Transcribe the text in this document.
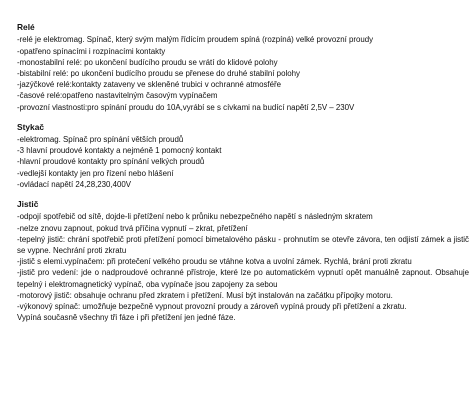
Relé
-relé je elektromag. Spínač, který svým malým řídícím proudem spíná (rozpíná) velké provozní proudy
-opatřeno spínacími i rozpínacími kontakty
-monostabilní relé: po ukončení budícího proudu se vrátí do klidové polohy
-bistabilní relé: po ukončení budícího proudu se přenese do druhé stabilní polohy
-jazýčkové relé:kontakty zataveny ve skleněné trubici v ochranné atmosféře
-časové relé:opatřeno nastavitelným časovým vypínačem
-provozní vlastnosti:pro spínání proudu do 10A,vyrábí se s cívkami na budící napětí 2,5V – 230V
Stykač
-elektromag. Spínač pro spínání větších proudů
-3 hlavní proudové kontakty a nejméně 1 pomocný kontakt
-hlavní proudové kontakty pro spínání velkých proudů
-vedlejší kontakty jen pro řízení nebo hlášení
-ovládací napětí 24,28,230,400V
Jistič
-odpojí spotřebič od sítě, dojde-li přetížení nebo k průniku nebezpečného napětí s následným skratem
-nelze znovu zapnout, pokud trvá příčina vypnutí – zkrat, přetížení
-tepelný jistič: chrání spotřebič proti přetížení pomocí bimetalového pásku - prohnutím se otevře závora, ten odjistí zámek a jistič se vypne. Nechrání proti zkratu
-jistič s elemi.vypínačem: při protečení velkého proudu se vtáhne kotva a uvolní zámek. Rychlá, brání proti zkratu
-jistič pro vedení: jde o nadproudové ochranné přístroje, které lze po automatickém vypnutí opět manuálně zapnout. Obsahuje tepelný i elektromagnetický vypínač, oba vypínače jsou zapojeny za sebou
-motorový jistič: obsahuje ochranu před zkratem i přetížení. Musí být instalován na začátku přípojky motoru.
-výkonový spínač: umožňuje bezpečně vypnout provozní proudy a zároveň vypíná proudy při přetížení a zkratu.
Vypíná současně všechny tři fáze i při přetížení jen jedné fáze.
